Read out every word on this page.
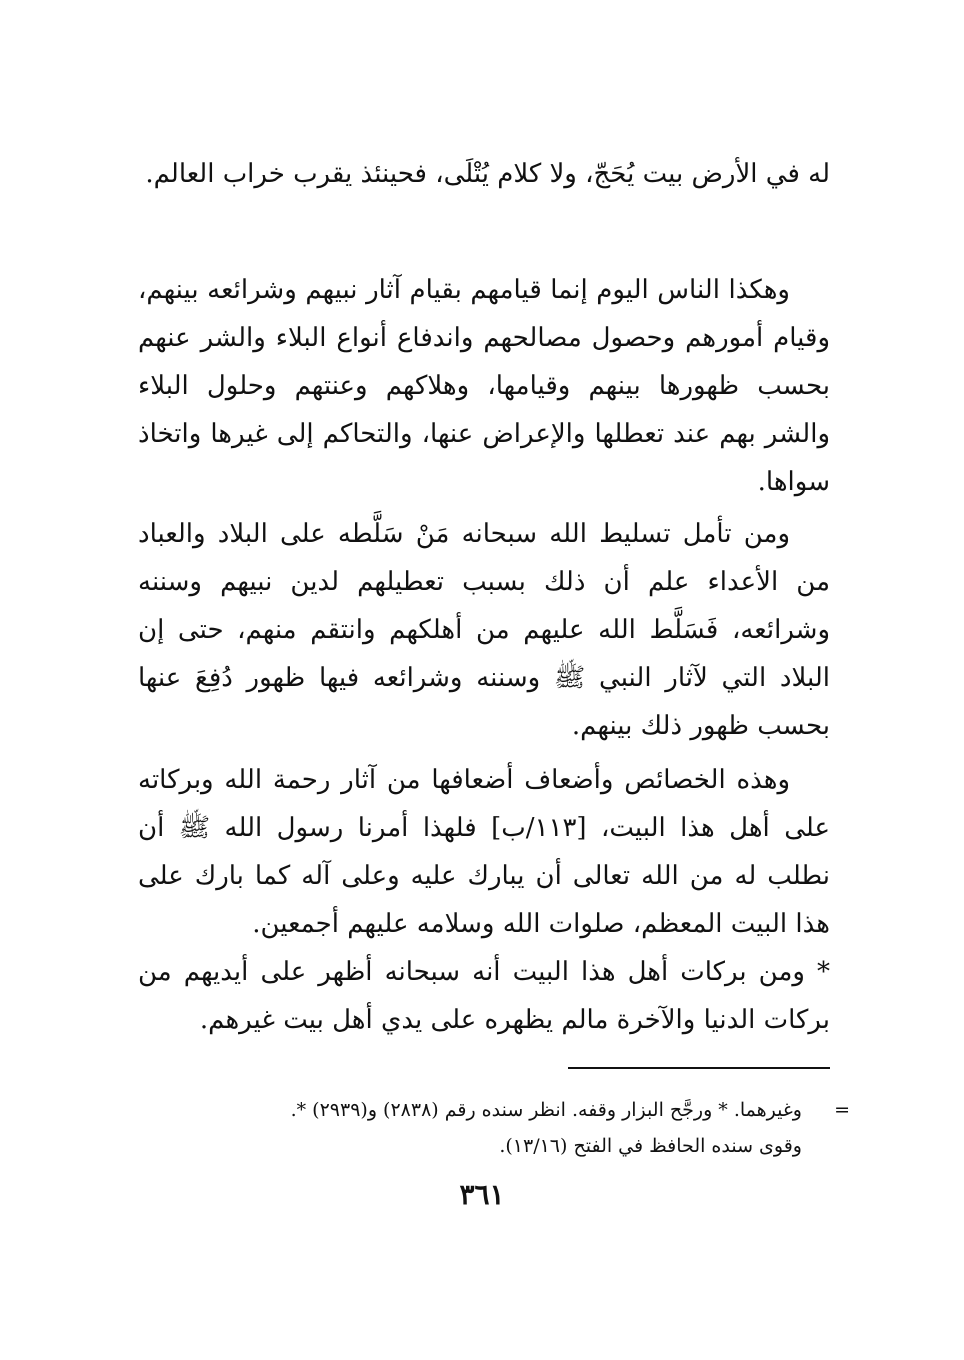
له في الأرض بيت يُحَجّ، ولا كلام يُتْلَى، فحينئذ يقرب خراب العالم.

وهكذا الناس اليوم إنما قيامهم بقيام آثار نبيهم وشرائعه بينهم، وقيام أمورهم وحصول مصالحهم واندفاع أنواع البلاء والشر عنهم بحسب ظهورها بينهم وقيامها، وهلاكهم وعنتهم وحلول البلاء والشر بهم عند تعطلها والإعراض عنها، والتحاكم إلى غيرها واتخاذ سواها.

ومن تأمل تسليط الله سبحانه مَنْ سَلَّطه على البلاد والعباد من الأعداء علم أن ذلك بسبب تعطيلهم لدين نبيهم وسننه وشرائعه، فَسَلَّط الله عليهم من أهلكهم وانتقم منهم، حتى إن البلاد التي لآثار النبي ﷺ وسننه وشرائعه فيها ظهور دُفِعَ عنها بحسب ظهور ذلك بينهم.

وهذه الخصائص وأضعاف أضعافها من آثار رحمة الله وبركاته على أهل هذا البيت، [١١٣/ب] فلهذا أمرنا رسول الله ﷺ أن نطلب له من الله تعالى أن يبارك عليه وعلى آله كما بارك على هذا البيت المعظم، صلوات الله وسلامه عليهم أجمعين.

* ومن بركات أهل هذا البيت أنه سبحانه أظهر على أيديهم من بركات الدنيا والآخرة مالم يظهره على يدي أهل بيت غيرهم.

=
وغيرهما. * ورجَّح البزار وقفه. انظر سنده رقم (٢٨٣٨) و(٢٩٣٩) *.
وقوى سنده الحافظ في الفتح (١٣/١٦).
٣٦١
